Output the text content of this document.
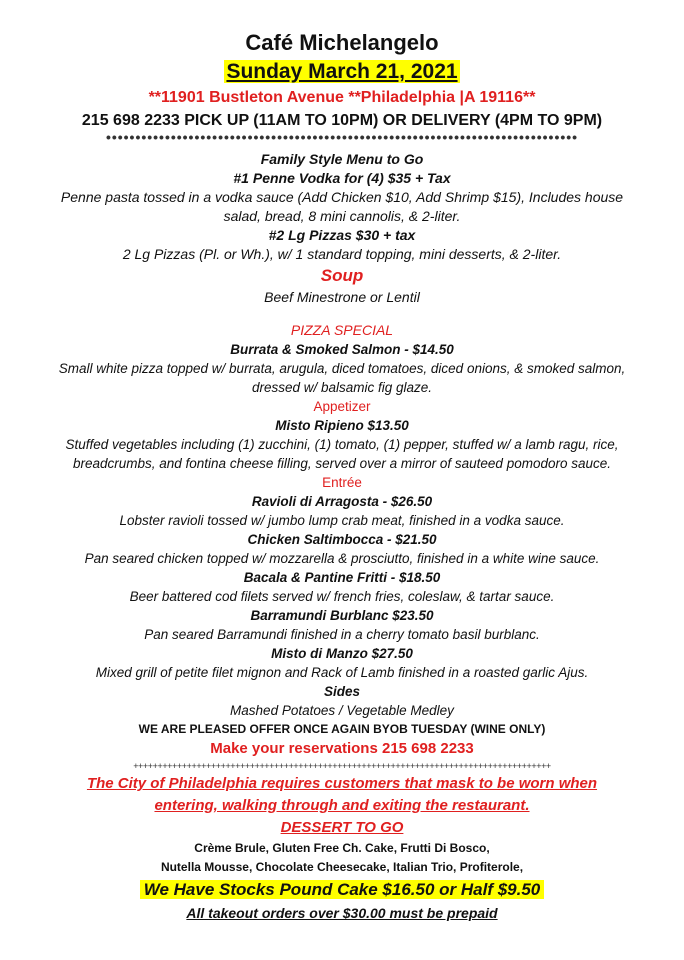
Café Michelangelo
Sunday March 21, 2021
**11901 Bustleton Avenue **Philadelphia |A 19116**
215 698 2233 PICK UP (11AM TO 10PM) OR DELIVERY (4PM TO 9PM)
••••••••••••••••••••••••••••••••••••••••••••••••••••••••••••••••••••••••••••••••
Family Style Menu to Go
#1 Penne Vodka for (4) $35 + Tax
Penne pasta tossed in a vodka sauce (Add Chicken $10, Add Shrimp $15), Includes house
salad, bread, 8 mini cannolis, & 2-liter.
#2 Lg Pizzas $30 + tax
2 Lg Pizzas (Pl. or Wh.), w/ 1 standard topping, mini desserts, & 2-liter.
Soup
Beef Minestrone or Lentil
PIZZA SPECIAL
Burrata & Smoked Salmon - $14.50
Small white pizza topped w/ burrata, arugula, diced tomatoes, diced onions, & smoked salmon,
dressed w/ balsamic fig glaze.
Appetizer
Misto Ripieno $13.50
Stuffed vegetables including (1) zucchini, (1) tomato, (1) pepper, stuffed w/ a lamb ragu, rice,
breadcrumbs, and fontina cheese filling, served over a mirror of sauteed pomodoro sauce.
Entrée
Ravioli di Arragosta - $26.50
Lobster ravioli tossed w/ jumbo lump crab meat, finished in a vodka sauce.
Chicken Saltimbocca - $21.50
Pan seared chicken topped w/ mozzarella & prosciutto, finished in a white wine sauce.
Bacala & Pantine Fritti - $18.50
Beer battered cod filets served w/ french fries, coleslaw, & tartar sauce.
Barramundi Burblanc $23.50
Pan seared Barramundi finished in a cherry tomato basil burblanc.
Misto di Manzo $27.50
Mixed grill of petite filet mignon and Rack of Lamb finished in a roasted garlic Ajus.
Sides
Mashed Potatoes / Vegetable Medley
WE ARE PLEASED OFFER ONCE AGAIN BYOB TUESDAY (WINE ONLY)
Make your reservations 215 698 2233
++++++++++++++++++++++++++++++++++++++++++++++++++++++++++++++++++++++++++++++++++++++
The City of Philadelphia requires customers that mask to be worn when
entering, walking through and exiting the restaurant.
DESSERT TO GO
Crème Brule, Gluten Free Ch. Cake, Frutti Di Bosco,
Nutella Mousse, Chocolate Cheesecake, Italian Trio, Profiterole,
We Have Stocks Pound Cake $16.50 or Half $9.50
All takeout orders over $30.00 must be prepaid
